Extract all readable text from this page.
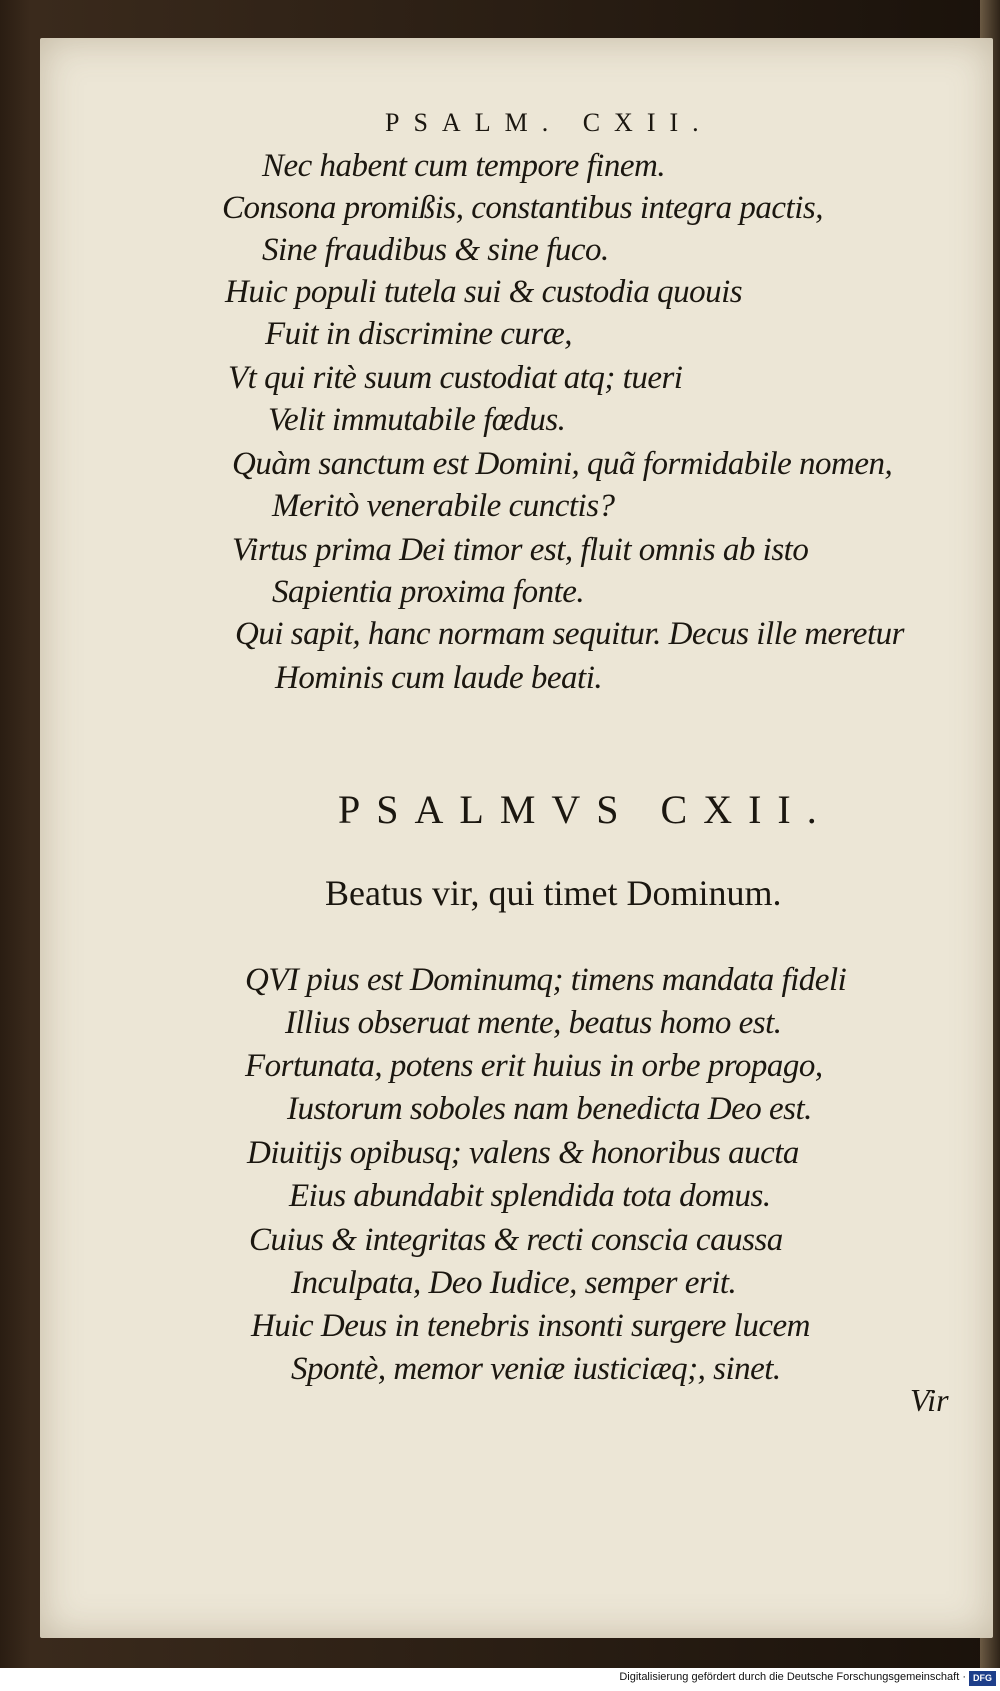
PSALM. CXII.
Nec habent cum tempore finem.
Consona promißis, constantibus integra pactis,
Sine fraudibus & sine fuco.
Huic populi tutela sui & custodia quouis
Fuit in discrimine curæ,
Vt qui ritè suum custodiat atq; tueri
Velit immutabile fœdus.
Quàm sanctum est Domini, quã formidabile nomen,
Meritò venerabile cunctis?
Virtus prima Dei timor est, fluit omnis ab isto
Sapientia proxima fonte.
Qui sapit, hanc normam sequitur. Decus ille meretur
Hominis cum laude beati.
PSALMVS CXII.
Beatus vir, qui timet Dominum.
QVI pius est Dominumq; timens mandata fideli
Illius obseruat mente, beatus homo est.
Fortunata, potens erit huius in orbe propago,
Iustorum soboles nam benedicta Deo est.
Diuitijs opibusq; valens & honoribus aucta
Eius abundabit splendida tota domus.
Cuius & integritas & recti conscia caussa
Inculpata, Deo Iudice, semper erit.
Huic Deus in tenebris insonti surgere lucem
Spontè, memor veniæ iusticiæq;, sinet.
Vir
Digitalisierung gefördert durch die Deutsche Forschungsgemeinschaft · DFG
